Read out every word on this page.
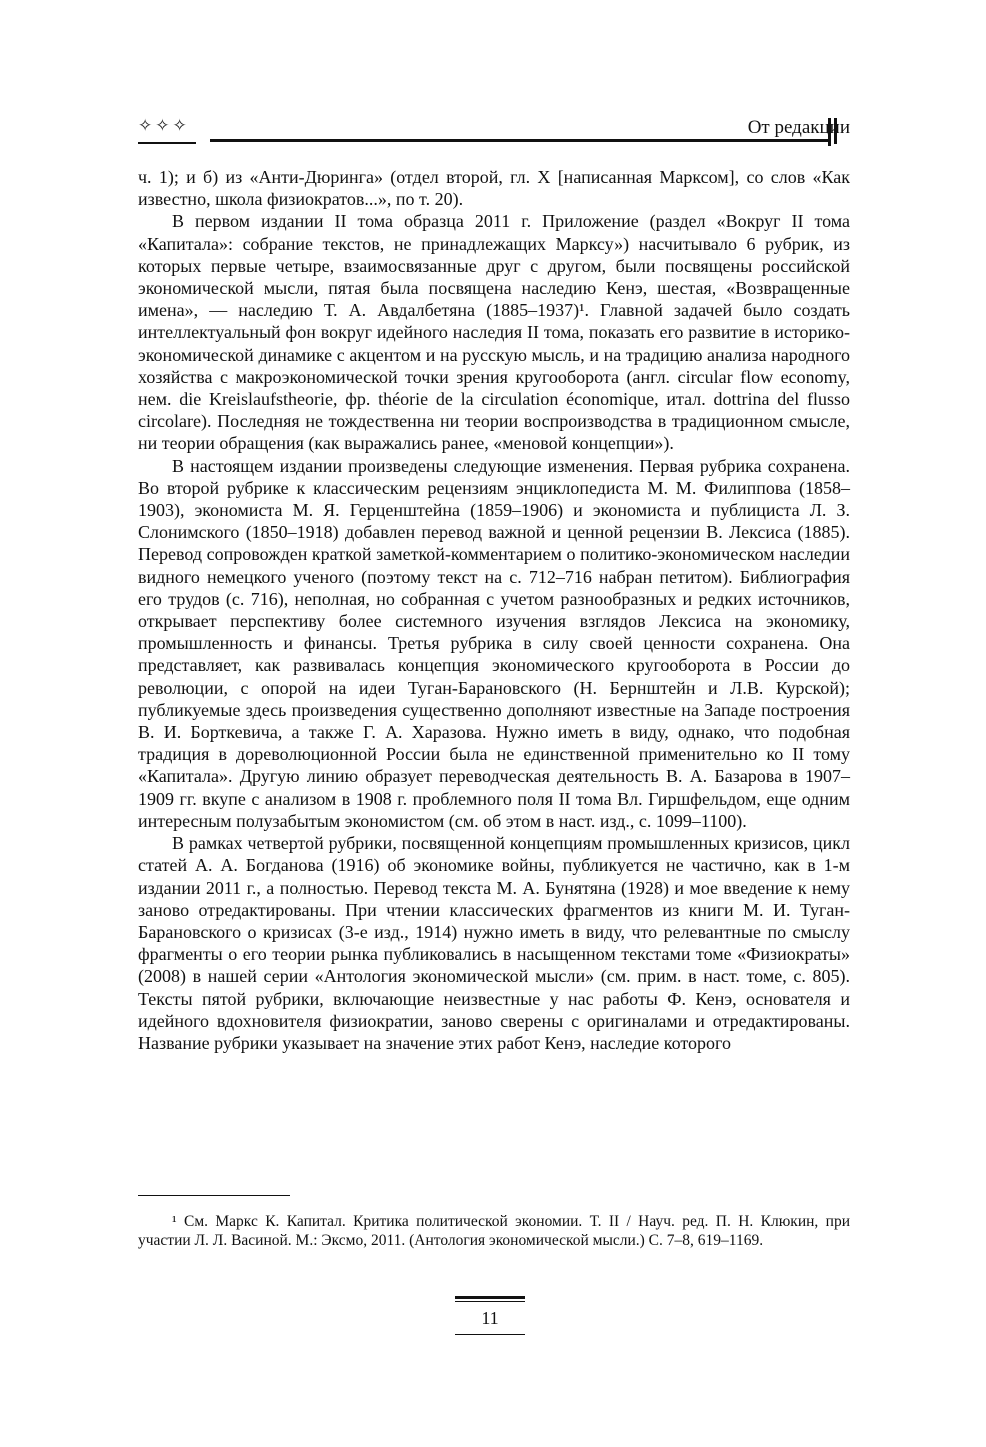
✧✧✧	От редакции

ч. 1); и б) из «Анти-Дюринга» (отдел второй, гл. X [написанная Марксом], со слов «Как известно, школа физиократов...», по т. 20).

В первом издании II тома образца 2011 г. Приложение (раздел «Вокруг II тома «Капитала»: собрание текстов, не принадлежащих Марксу») насчитывало 6 рубрик, из которых первые четыре, взаимосвязанные друг с другом, были посвящены российской экономической мысли, пятая была посвящена наследию Кенэ, шестая, «Возвращенные имена», — наследию Т. А. Авдалбетяна (1885–1937)¹. Главной задачей было создать интеллектуальный фон вокруг идейного наследия II тома, показать его развитие в историко-экономической динамике с акцентом и на русскую мысль, и на традицию анализа народного хозяйства с макроэкономической точки зрения кругооборота (англ. circular flow economy, нем. die Kreislaufstheorie, фр. théorie de la circulation économique, итал. dottrina del flusso circolare). Последняя не тождественна ни теории воспроизводства в традиционном смысле, ни теории обращения (как выражались ранее, «меновой концепции»).

В настоящем издании произведены следующие изменения. Первая рубрика сохранена. Во второй рубрике к классическим рецензиям энциклопедиста М. М. Филиппова (1858–1903), экономиста М. Я. Герценштейна (1859–1906) и экономиста и публициста Л. З. Слонимского (1850–1918) добавлен перевод важной и ценной рецензии В. Лексиса (1885). Перевод сопровожден краткой заметкой-комментарием о политико-экономическом наследии видного немецкого ученого (поэтому текст на с. 712–716 набран петитом). Библиография его трудов (с. 716), неполная, но собранная с учетом разнообразных и редких источников, открывает перспективу более системного изучения взглядов Лексиса на экономику, промышленность и финансы. Третья рубрика в силу своей ценности сохранена. Она представляет, как развивалась концепция экономического кругооборота в России до революции, с опорой на идеи Туган-Барановского (Н. Бернштейн и Л.В. Курской); публикуемые здесь произведения существенно дополняют известные на Западе построения В. И. Борткевича, а также Г. А. Харазова. Нужно иметь в виду, однако, что подобная традиция в дореволюционной России была не единственной применительно ко II тому «Капитала». Другую линию образует переводческая деятельность В. А. Базарова в 1907–1909 гг. вкупе с анализом в 1908 г. проблемного поля II тома Вл. Гиршфельдом, еще одним интересным полузабытым экономистом (см. об этом в наст. изд., с. 1099–1100).

В рамках четвертой рубрики, посвященной концепциям промышленных кризисов, цикл статей А. А. Богданова (1916) об экономике войны, публикуется не частично, как в 1-м издании 2011 г., а полностью. Перевод текста М. А. Бунятяна (1928) и мое введение к нему заново отредактированы. При чтении классических фрагментов из книги М. И. Туган-Барановского о кризисах (3-е изд., 1914) нужно иметь в виду, что релевантные по смыслу фрагменты о его теории рынка публиковались в насыщенном текстами томе «Физиократы» (2008) в нашей серии «Антология экономической мысли» (см. прим. в наст. томе, с. 805). Тексты пятой рубрики, включающие неизвестные у нас работы Ф. Кенэ, основателя и идейного вдохновителя физиократии, заново сверены с оригиналами и отредактированы. Название рубрики указывает на значение этих работ Кенэ, наследие которого

¹ См. Маркс К. Капитал. Критика политической экономии. Т. II / Науч. ред. П. Н. Клюкин, при участии Л. Л. Васиной. М.: Эксмо, 2011. (Антология экономической мысли.) С. 7–8, 619–1169.
11
